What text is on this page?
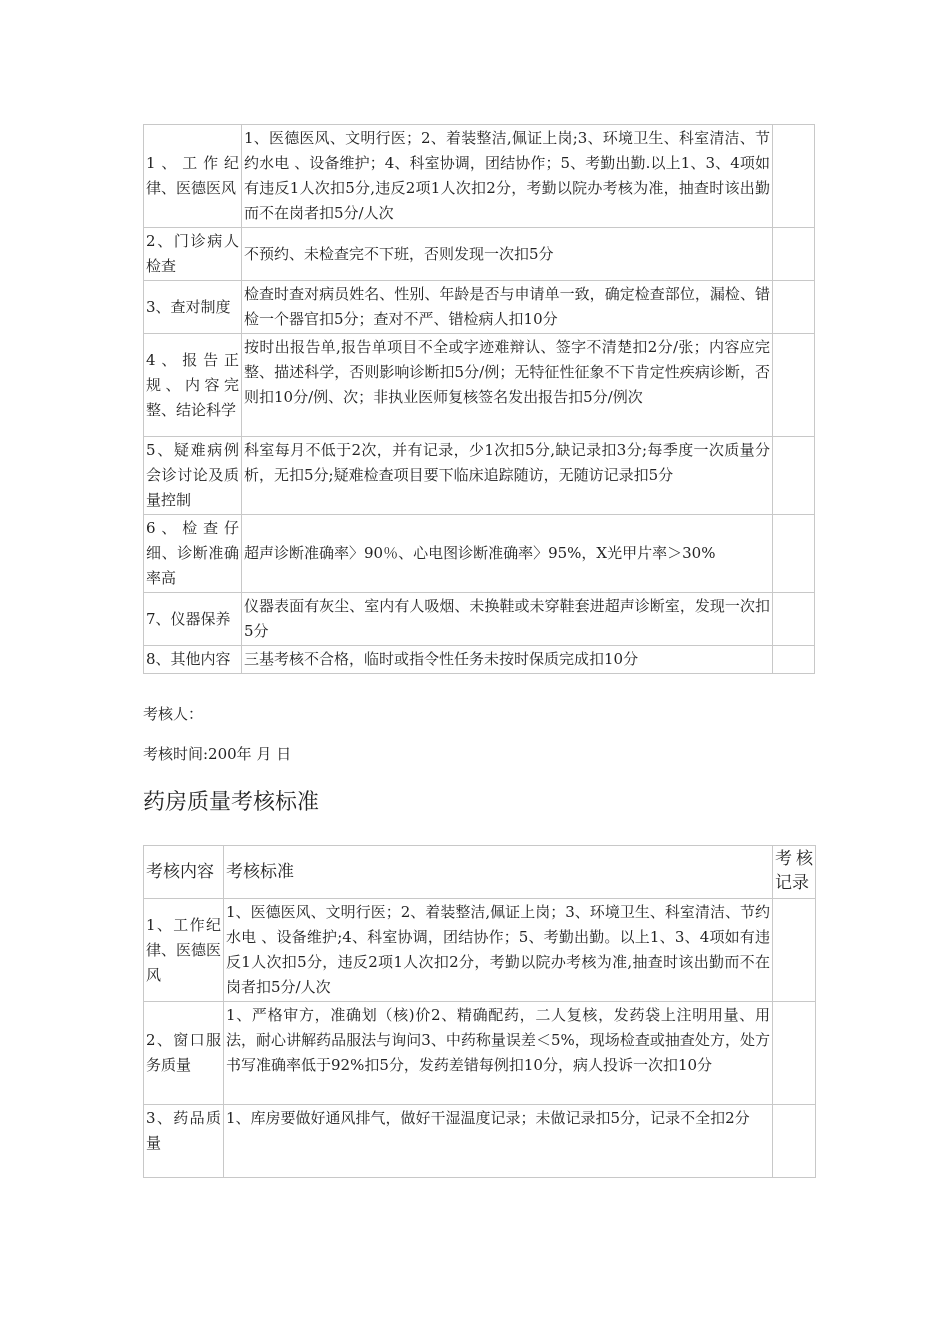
1、工作纪律、医德医风	1、医德医风、文明行医；2、着装整洁,佩证上岗;3、环境卫生、科室清洁、节约水电 、设备维护；4、科室协调，团结协作；5、考勤出勤.以上1、3、4项如有违反1人次扣5分,违反2项1人次扣2分，考勤以院办考核为准，抽查时该出勤而不在岗者扣5分/人次	
2、门诊病人检查	不预约、未检查完不下班，否则发现一次扣5分	
3、查对制度	检查时查对病员姓名、性别、年龄是否与申请单一致，确定检查部位，漏检、错检一个器官扣5分；查对不严、错检病人扣10分	
4、报告正规、内容完整、结论科学	按时出报告单,报告单项目不全或字迹难辩认、签字不清楚扣2分/张；内容应完整、描述科学，否则影响诊断扣5分/例；无特征性征象不下肯定性疾病诊断，否则扣10分/例、次；非执业医师复核签名发出报告扣5分/例次	
5、疑难病例会诊讨论及质量控制	科室每月不低于2次，并有记录，少1次扣5分,缺记录扣3分;每季度一次质量分析，无扣5分;疑难检查项目要下临床追踪随访，无随访记录扣5分	
6、检查仔细、诊断准确率高	超声诊断准确率〉90％、心电图诊断准确率〉95%，X光甲片率＞30%	
7、仪器保养	仪器表面有灰尘、室内有人吸烟、未换鞋或未穿鞋套进超声诊断室，发现一次扣5分	
8、其他内容	三基考核不合格，临时或指令性任务未按时保质完成扣10分	

考核人：

考核时间:200年 月 日

药房质量考核标准

考核内容	考核标准	考核记录
1、工作纪律、医德医风	1、医德医风、文明行医；2、着装整洁,佩证上岗；3、环境卫生、科室清洁、节约水电 、设备维护;4、科室协调，团结协作；5、考勤出勤。以上1、3、4项如有违反1人次扣5分，违反2项1人次扣2分，考勤以院办考核为准,抽查时该出勤而不在岗者扣5分/人次	
2、窗口服务质量	1、严格审方，准确划（核)价2、精确配药，二人复核，发药袋上注明用量、用法，耐心讲解药品服法与询问3、中药称量误差＜5%，现场检查或抽查处方，处方书写准确率低于92%扣5分，发药差错每例扣10分，病人投诉一次扣10分	
3、药品质量	1、库房要做好通风排气，做好干湿温度记录；未做记录扣5分，记录不全扣2分	
